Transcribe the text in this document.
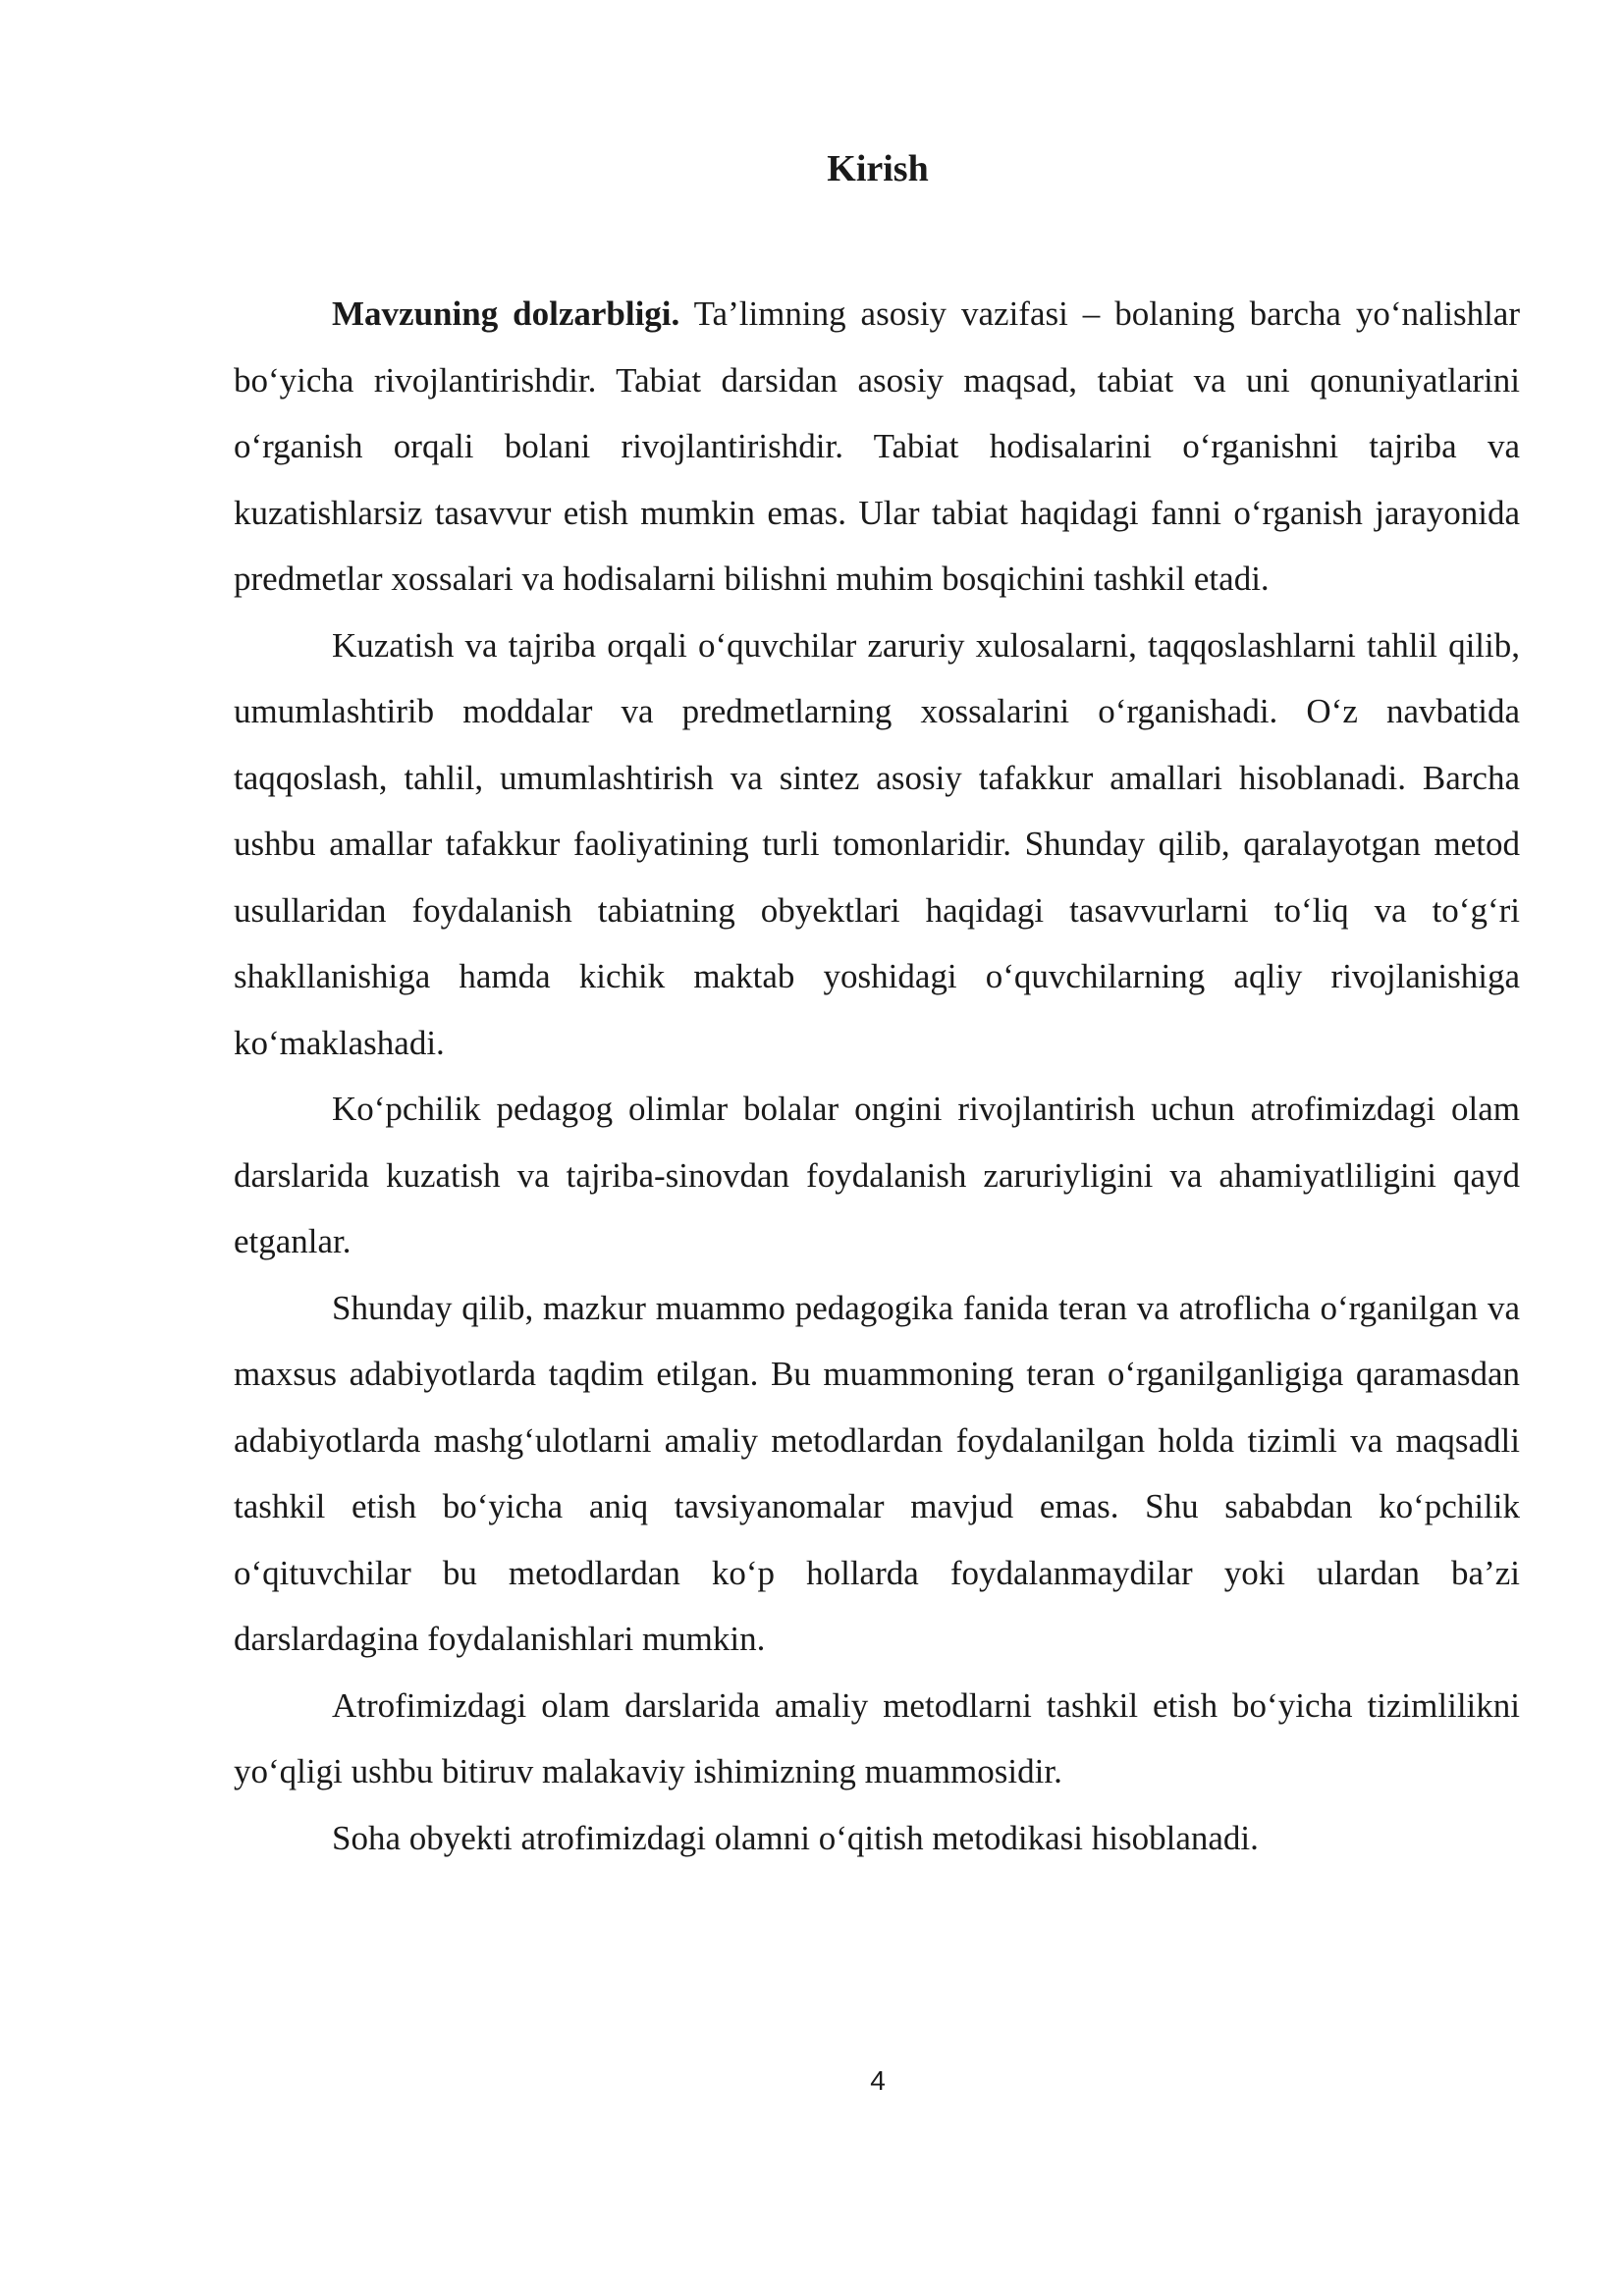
Kirish

Mavzuning dolzarbligi. Ta’limning asosiy vazifasi – bolaning barcha yo‘nalishlar bo‘yicha rivojlantirishdir. Tabiat darsidan asosiy maqsad, tabiat va uni qonuniyatlarini o‘rganish orqali bolani rivojlantirishdir. Tabiat hodisalarini o‘rganishni tajriba va kuzatishlarsiz tasavvur etish mumkin emas. Ular tabiat haqidagi fanni o‘rganish jarayonida predmetlar xossalari va hodisalarni bilishni muhim bosqichini tashkil etadi.

Kuzatish va tajriba orqali o‘quvchilar zaruriy xulosalarni, taqqoslashlarni tahlil qilib, umumlashtirib moddalar va predmetlarning xossalarini o‘rganishadi. O‘z navbatida taqqoslash, tahlil, umumlashtirish va sintez asosiy tafakkur amallari hisoblanadi. Barcha ushbu amallar tafakkur faoliyatining turli tomonlaridir. Shunday qilib, qaralayotgan metod usullaridan foydalanish tabiatning obyektlari haqidagi tasavvurlarni to‘liq va to‘g‘ri shakllanishiga hamda kichik maktab yoshidagi o‘quvchilarning aqliy rivojlanishiga ko‘maklashadi.

Ko‘pchilik pedagog olimlar bolalar ongini rivojlantirish uchun atrofimizdagi olam darslarida kuzatish va tajriba-sinovdan foydalanish zaruriyligini va ahamiyatliligini qayd etganlar.

Shunday qilib, mazkur muammo pedagogika fanida teran va atroflicha o‘rganilgan va maxsus adabiyotlarda taqdim etilgan. Bu muammoning teran o‘rganilganligiga qaramasdan adabiyotlarda mashg‘ulotlarni amaliy metodlardan foydalanilgan holda tizimli va maqsadli tashkil etish bo‘yicha aniq tavsiyanomalar mavjud emas. Shu sababdan ko‘pchilik o‘qituvchilar bu metodlardan ko‘p hollarda foydalanmaydilar yoki ulardan ba’zi darslardagina foydalanishlari mumkin.

Atrofimizdagi olam darslarida amaliy metodlarni tashkil etish bo‘yicha tizimlilikni yo‘qligi ushbu bitiruv malakaviy ishimizning muammosidir.

Soha obyekti atrofimizdagi olamni o‘qitish metodikasi hisoblanadi.

4
